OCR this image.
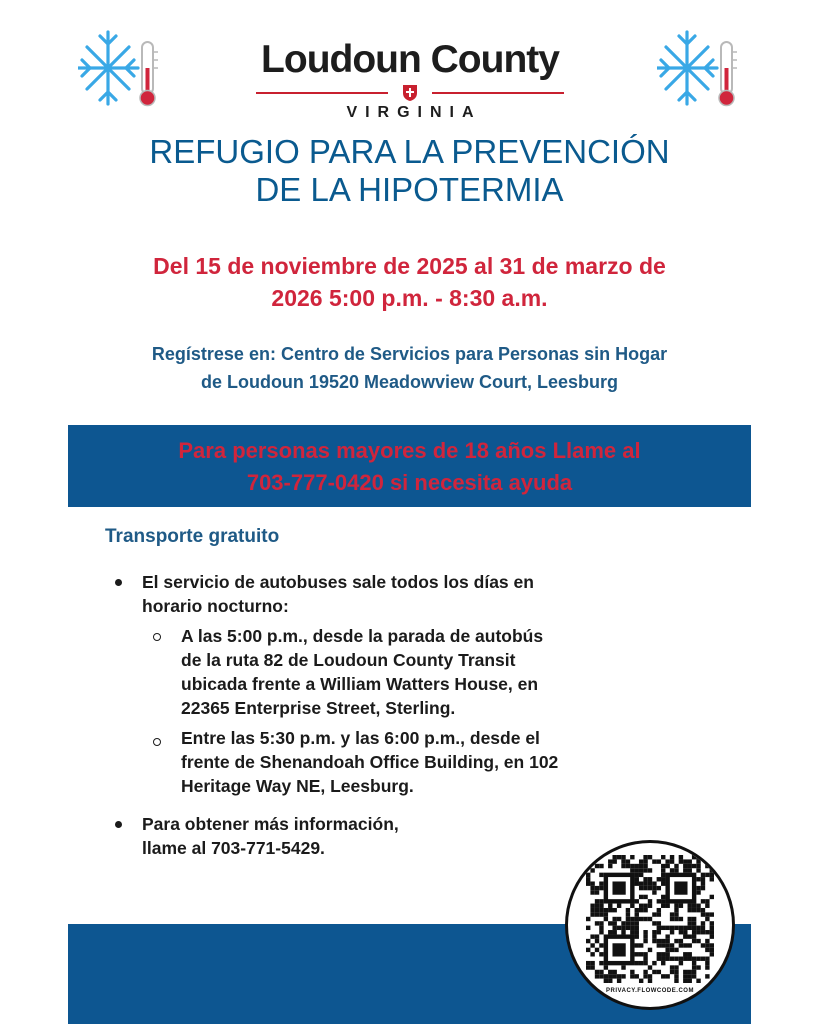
Loudoun County
VIRGINIA
REFUGIO PARA LA PREVENCIÓN
DE LA HIPOTERMIA
Del 15 de noviembre de 2025 al 31 de marzo de
2026 5:00 p.m. - 8:30 a.m.
Regístrese en: Centro de Servicios para Personas sin Hogar
de Loudoun 19520 Meadowview Court, Leesburg
Para personas mayores de 18 años Llame al
703-777-0420 si necesita ayuda
Transporte gratuito
El servicio de autobuses sale todos los días en
horario nocturno:
A las 5:00 p.m., desde la parada de autobús
de la ruta 82 de Loudoun County Transit
ubicada frente a William Watters House, en
22365 Enterprise Street, Sterling.
Entre las 5:30 p.m. y las 6:00 p.m., desde el
frente de Shenandoah Office Building, en 102
Heritage Way NE, Leesburg.
Para obtener más información,
llame al 703-771-5429.
PRIVACY.FLOWCODE.COM
